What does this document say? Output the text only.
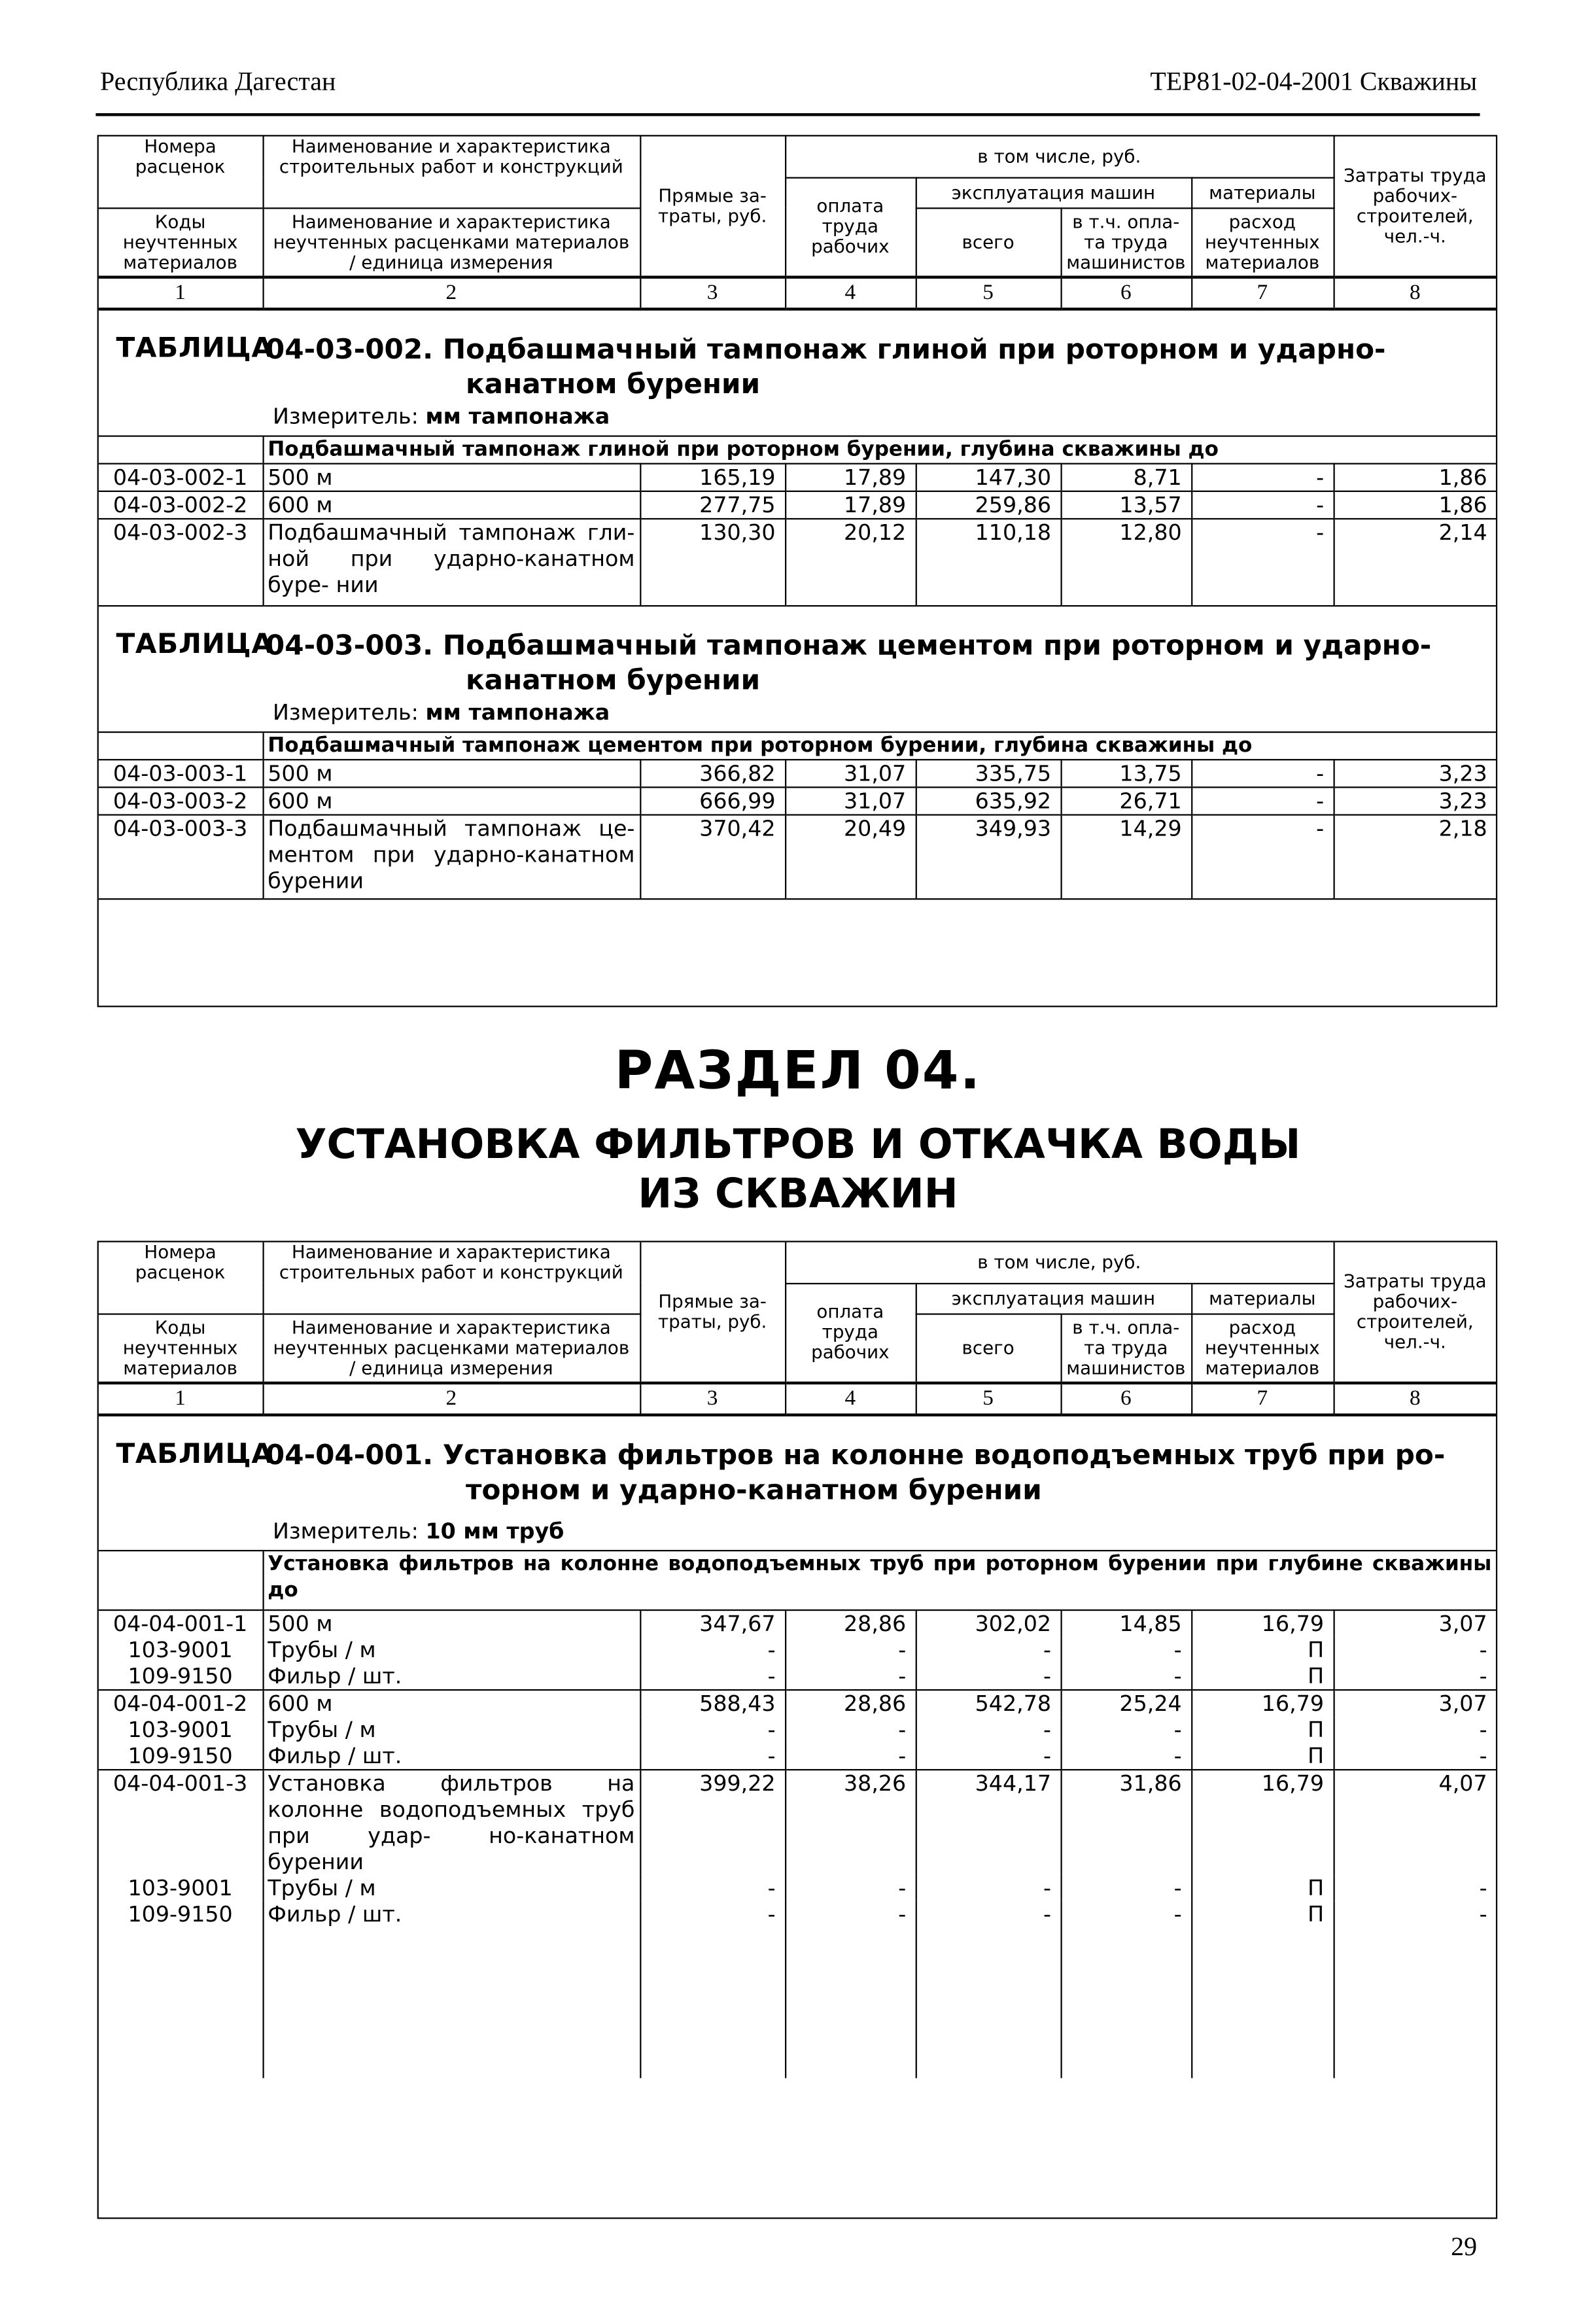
Республика Дагестан	ТЕР81-02-04-2001 Скважины
Номера расценок	Наименование и характеристика строительных работ и конструкций	Прямые за- траты, руб.	в том числе, руб.				Затраты труда рабочих- строителей, чел.-ч.
			оплата труда рабочих	эксплуатация машин		материалы	
Коды неучтенных материалов	Наименование и характеристика неучтенных расценками материалов / единица измерения			всего	в т.ч. опла- та труда машинистов	расход неучтенных материалов	
1	2	3	4	5	6	7	8
ТАБЛИЦА
04-03-002. Подбашмачный тампонаж глиной при роторном и ударно-
канатном бурении
Измеритель: мм тампонажа
	Подбашмачный тампонаж глиной при роторном бурении, глубина скважины до						
04-03-002-1	500 м	165,19	17,89	147,30	8,71	-	1,86
04-03-002-2	600 м	277,75	17,89	259,86	13,57	-	1,86
04-03-002-3	Подбашмачный тампонаж гли- ной при ударно-канатном буре- нии	130,30	20,12	110,18	12,80	-	2,14
ТАБЛИЦА
04-03-003. Подбашмачный тампонаж цементом при роторном и ударно-
канатном бурении
Измеритель: мм тампонажа
	Подбашмачный тампонаж цементом при роторном бурении, глубина скважины до						
04-03-003-1	500 м	366,82	31,07	335,75	13,75	-	3,23
04-03-003-2	600 м	666,99	31,07	635,92	26,71	-	3,23
04-03-003-3	Подбашмачный тампонаж це- ментом при ударно-канатном бурении	370,42	20,49	349,93	14,29	-	2,18
РАЗДЕЛ 04.
УСТАНОВКА ФИЛЬТРОВ И ОТКАЧКА ВОДЫ
ИЗ СКВАЖИН
Номера расценок	Наименование и характеристика строительных работ и конструкций	Прямые за- траты, руб.	в том числе, руб.				Затраты труда рабочих- строителей, чел.-ч.
			оплата труда рабочих	эксплуатация машин		материалы	
Коды неучтенных материалов	Наименование и характеристика неучтенных расценками материалов / единица измерения			всего	в т.ч. опла- та труда машинистов	расход неучтенных материалов	
1	2	3	4	5	6	7	8
ТАБЛИЦА
04-04-001. Установка фильтров на колонне водоподъемных труб при ро-
торном и ударно-канатном бурении
Измеритель: 10 мм труб
	Установка фильтров на колонне водоподъемных труб при роторном бурении при глубине скважины до						
04-04-001-1	500 м	347,67	28,86	302,02	14,85	16,79	3,07
103-9001	Трубы / м	-	-	-	-	П	-
109-9150	Фильр / шт.	-	-	-	-	П	-
04-04-001-2	600 м	588,43	28,86	542,78	25,24	16,79	3,07
103-9001	Трубы / м	-	-	-	-	П	-
109-9150	Фильр / шт.	-	-	-	-	П	-
04-04-001-3	Установка фильтров на колонне водоподъемных труб при удар- но-канатном бурении	399,22	38,26	344,17	31,86	16,79	4,07
103-9001	Трубы / м	-	-	-	-	П	-
109-9150	Фильр / шт.	-	-	-	-	П	-
29
